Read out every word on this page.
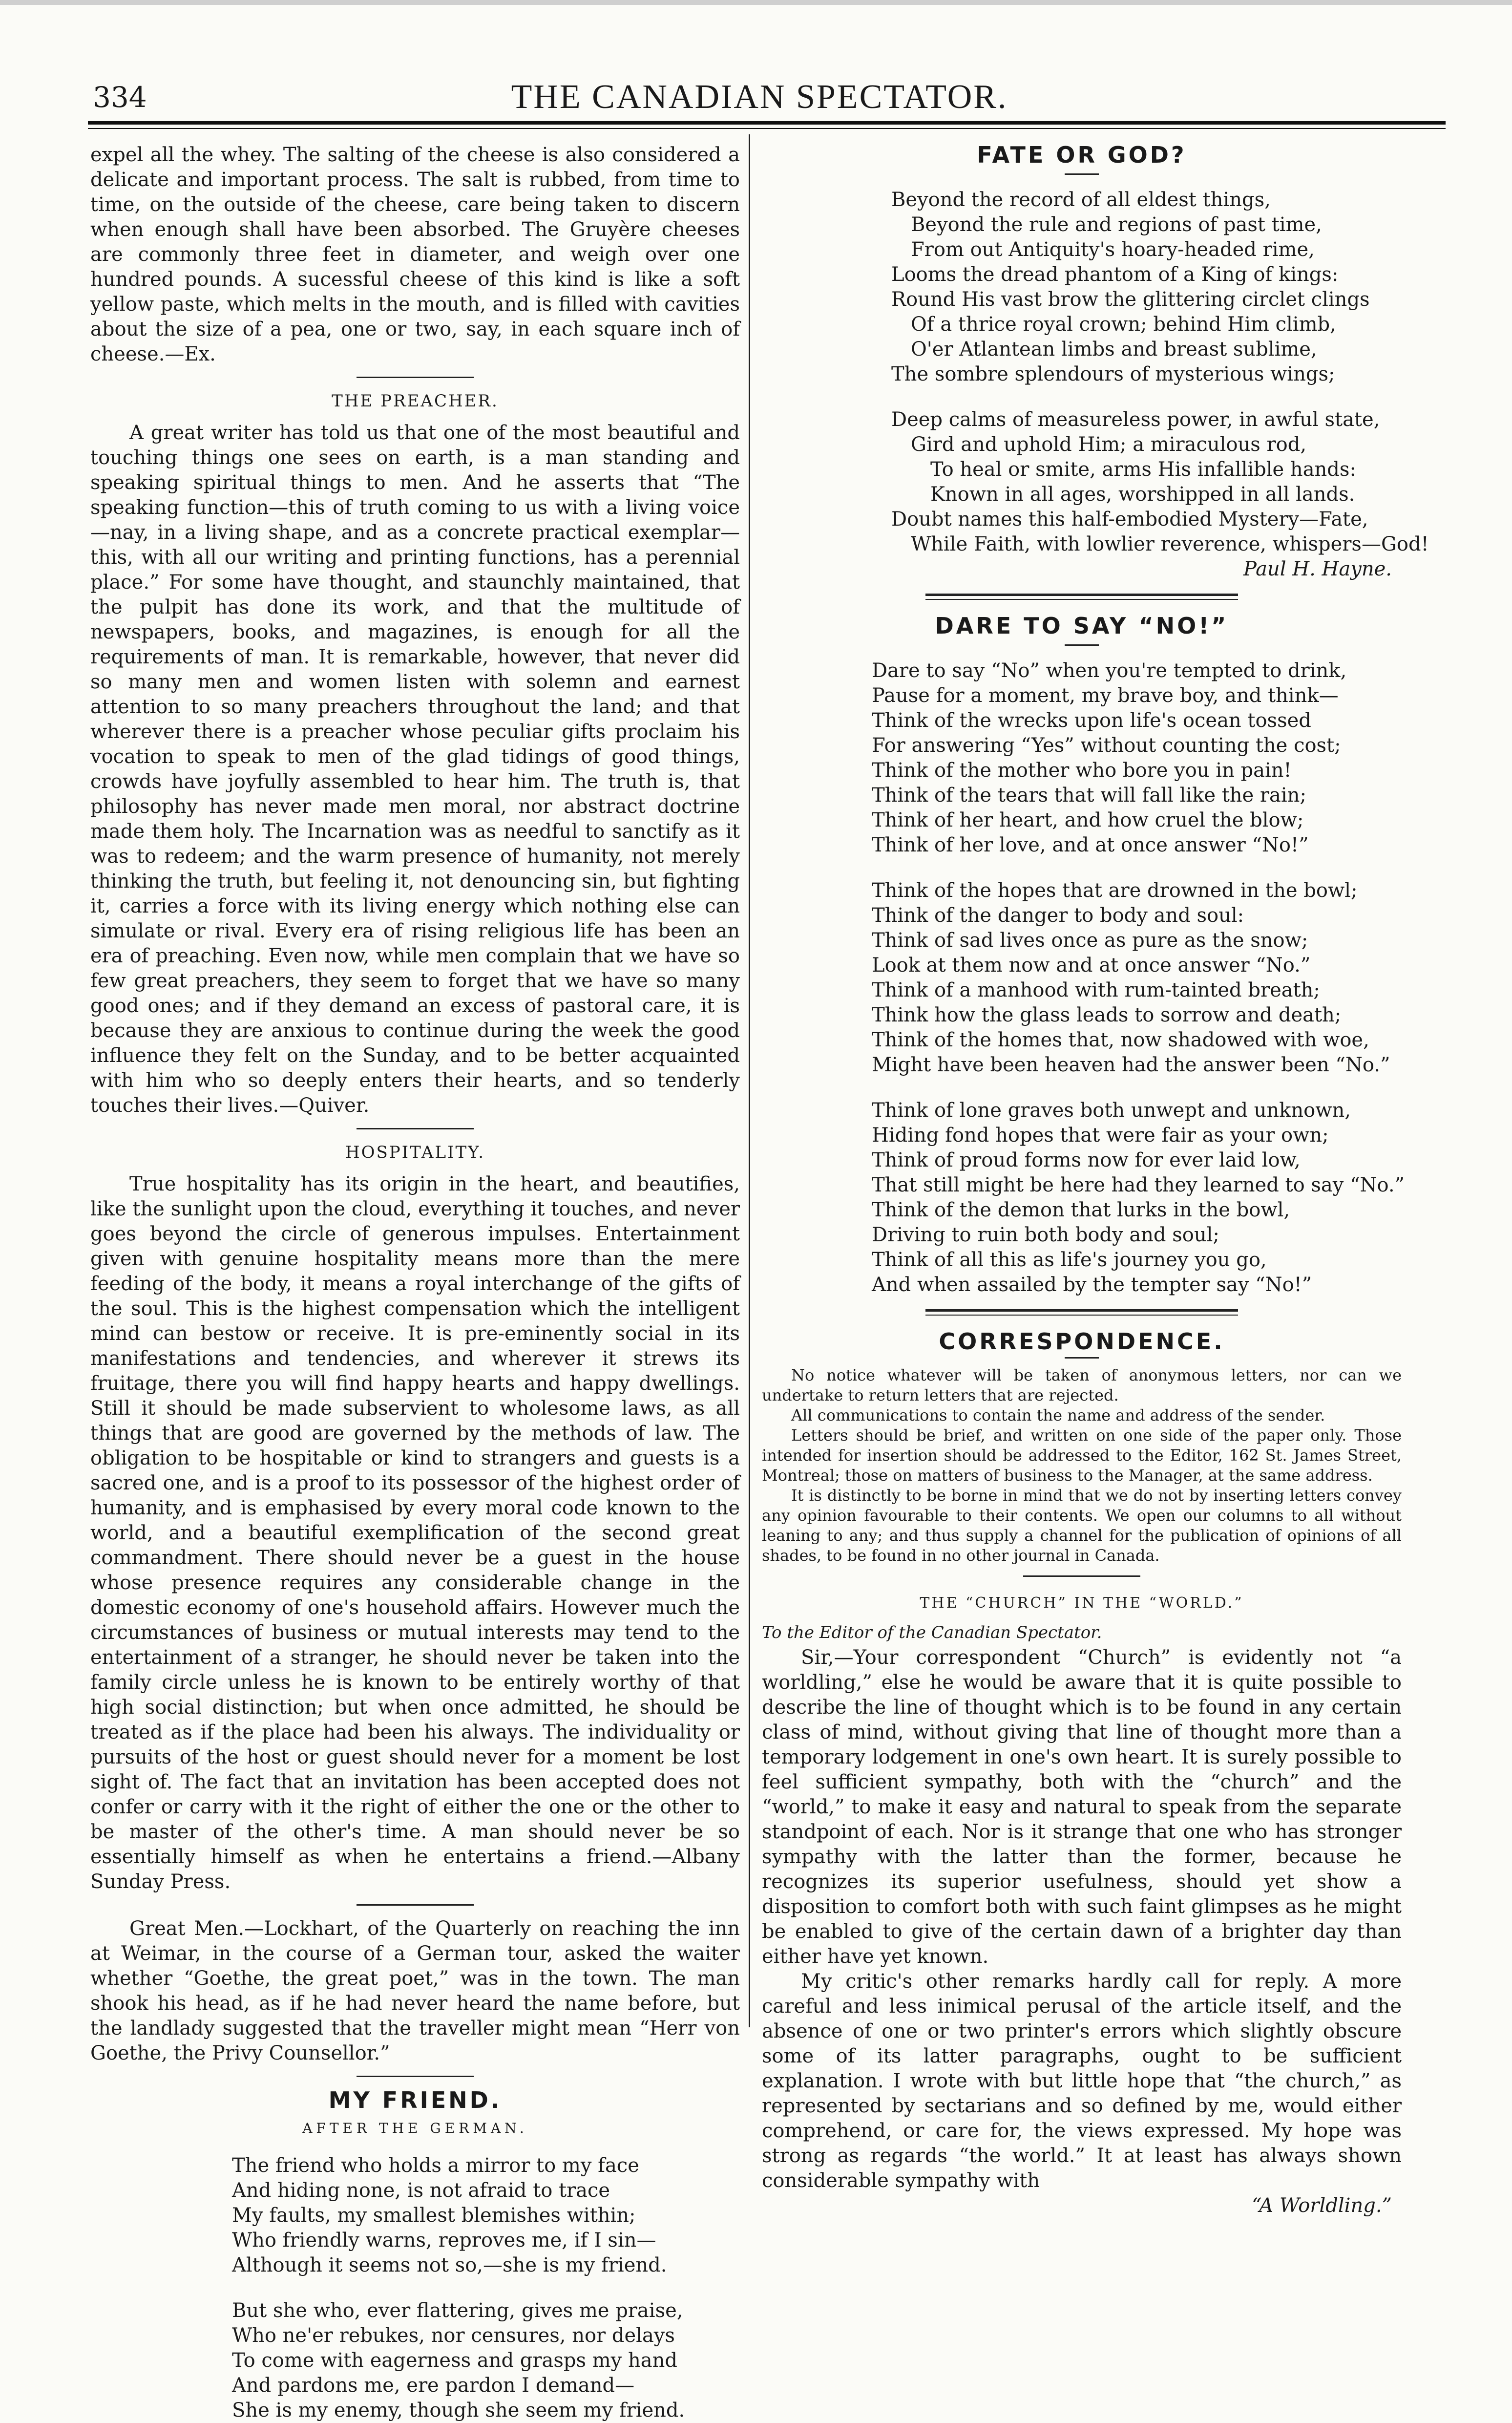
334	THE CANADIAN SPECTATOR.

expel all the whey. The salting of the cheese is also considered a delicate and important process. The salt is rubbed, from time to time, on the outside of the cheese, care being taken to discern when enough shall have been absorbed. The Gruyère cheeses are commonly three feet in diameter, and weigh over one hundred pounds. A sucessful cheese of this kind is like a soft yellow paste, which melts in the mouth, and is filled with cavities about the size of a pea, one or two, say, in each square inch of cheese.—Ex.

THE PREACHER.

A great writer has told us that one of the most beautiful and touching things one sees on earth, is a man standing and speaking spiritual things to men. And he asserts that “The speaking function—this of truth coming to us with a living voice—nay, in a living shape, and as a concrete practical exemplar—this, with all our writing and printing functions, has a perennial place.” For some have thought, and staunchly maintained, that the pulpit has done its work, and that the multitude of newspapers, books, and magazines, is enough for all the requirements of man. It is remarkable, however, that never did so many men and women listen with solemn and earnest attention to so many preachers throughout the land; and that wherever there is a preacher whose peculiar gifts proclaim his vocation to speak to men of the glad tidings of good things, crowds have joyfully assembled to hear him. The truth is, that philosophy has never made men moral, nor abstract doctrine made them holy. The Incarnation was as needful to sanctify as it was to redeem; and the warm presence of humanity, not merely thinking the truth, but feeling it, not denouncing sin, but fighting it, carries a force with its living energy which nothing else can simulate or rival. Every era of rising religious life has been an era of preaching. Even now, while men complain that we have so few great preachers, they seem to forget that we have so many good ones; and if they demand an excess of pastoral care, it is because they are anxious to continue during the week the good influence they felt on the Sunday, and to be better acquainted with him who so deeply enters their hearts, and so tenderly touches their lives.—Quiver.

HOSPITALITY.

True hospitality has its origin in the heart, and beautifies, like the sunlight upon the cloud, everything it touches, and never goes beyond the circle of generous impulses. Entertainment given with genuine hospitality means more than the mere feeding of the body, it means a royal interchange of the gifts of the soul. This is the highest compensation which the intelligent mind can bestow or receive. It is pre-eminently social in its manifestations and tendencies, and wherever it strews its fruitage, there you will find happy hearts and happy dwellings. Still it should be made subservient to wholesome laws, as all things that are good are governed by the methods of law. The obligation to be hospitable or kind to strangers and guests is a sacred one, and is a proof to its possessor of the highest order of humanity, and is emphasised by every moral code known to the world, and a beautiful exemplification of the second great commandment. There should never be a guest in the house whose presence requires any considerable change in the domestic economy of one's household affairs. However much the circumstances of business or mutual interests may tend to the entertainment of a stranger, he should never be taken into the family circle unless he is known to be entirely worthy of that high social distinction; but when once admitted, he should be treated as if the place had been his always. The individuality or pursuits of the host or guest should never for a moment be lost sight of. The fact that an invitation has been accepted does not confer or carry with it the right of either the one or the other to be master of the other's time. A man should never be so essentially himself as when he entertains a friend.—Albany Sunday Press.

Great Men.—Lockhart, of the Quarterly on reaching the inn at Weimar, in the course of a German tour, asked the waiter whether “Goethe, the great poet,” was in the town. The man shook his head, as if he had never heard the name before, but the landlady suggested that the traveller might mean “Herr von Goethe, the Privy Counsellor.”

MY FRIEND.
AFTER THE GERMAN.
The friend who holds a mirror to my face
And hiding none, is not afraid to trace
My faults, my smallest blemishes within;
Who friendly warns, reproves me, if I sin—
Although it seems not so,—she is my friend.
But she who, ever flattering, gives me praise,
Who ne'er rebukes, nor censures, nor delays
To come with eagerness and grasps my hand
And pardons me, ere pardon I demand—
She is my enemy, though she seem my friend.
FATE OR GOD?
Beyond the record of all eldest things,
Beyond the rule and regions of past time,
From out Antiquity's hoary-headed rime,
Looms the dread phantom of a King of kings:
Round His vast brow the glittering circlet clings
Of a thrice royal crown; behind Him climb,
O'er Atlantean limbs and breast sublime,
The sombre splendours of mysterious wings;
Deep calms of measureless power, in awful state,
Gird and uphold Him; a miraculous rod,
To heal or smite, arms His infallible hands:
Known in all ages, worshipped in all lands.
Doubt names this half-embodied Mystery—Fate,
While Faith, with lowlier reverence, whispers—God!
Paul H. Hayne.
DARE TO SAY “NO!”
Dare to say “No” when you're tempted to drink,
Pause for a moment, my brave boy, and think—
Think of the wrecks upon life's ocean tossed
For answering “Yes” without counting the cost;
Think of the mother who bore you in pain!
Think of the tears that will fall like the rain;
Think of her heart, and how cruel the blow;
Think of her love, and at once answer “No!”
Think of the hopes that are drowned in the bowl;
Think of the danger to body and soul:
Think of sad lives once as pure as the snow;
Look at them now and at once answer “No.”
Think of a manhood with rum-tainted breath;
Think how the glass leads to sorrow and death;
Think of the homes that, now shadowed with woe,
Might have been heaven had the answer been “No.”
Think of lone graves both unwept and unknown,
Hiding fond hopes that were fair as your own;
Think of proud forms now for ever laid low,
That still might be here had they learned to say “No.”
Think of the demon that lurks in the bowl,
Driving to ruin both body and soul;
Think of all this as life's journey you go,
And when assailed by the tempter say “No!”
CORRESPONDENCE.

No notice whatever will be taken of anonymous letters, nor can we undertake to return letters that are rejected.

All communications to contain the name and address of the sender.

Letters should be brief, and written on one side of the paper only. Those intended for insertion should be addressed to the Editor, 162 St. James Street, Montreal; those on matters of business to the Manager, at the same address.

It is distinctly to be borne in mind that we do not by inserting letters convey any opinion favourable to their contents. We open our columns to all without leaning to any; and thus supply a channel for the publication of opinions of all shades, to be found in no other journal in Canada.

THE “CHURCH” IN THE “WORLD.”

To the Editor of the Canadian Spectator.

Sir,—Your correspondent “Church” is evidently not “a worldling,” else he would be aware that it is quite possible to describe the line of thought which is to be found in any certain class of mind, without giving that line of thought more than a temporary lodgement in one's own heart. It is surely possible to feel sufficient sympathy, both with the “church” and the “world,” to make it easy and natural to speak from the separate standpoint of each. Nor is it strange that one who has stronger sympathy with the latter than the former, because he recognizes its superior usefulness, should yet show a disposition to comfort both with such faint glimpses as he might be enabled to give of the certain dawn of a brighter day than either have yet known.

My critic's other remarks hardly call for reply. A more careful and less inimical perusal of the article itself, and the absence of one or two printer's errors which slightly obscure some of its latter paragraphs, ought to be sufficient explanation. I wrote with but little hope that “the church,” as represented by sectarians and so defined by me, would either comprehend, or care for, the views expressed. My hope was strong as regards “the world.” It at least has always shown considerable sympathy with

“A Worldling.”
